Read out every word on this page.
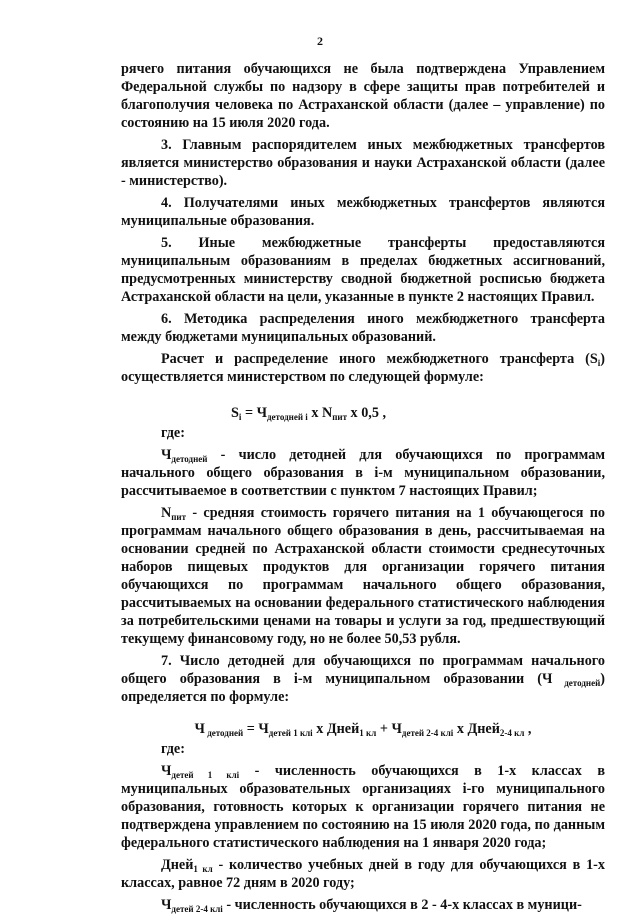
2

рячего питания обучающихся не была подтверждена Управлением Федеральной службы по надзору в сфере защиты прав потребителей и благополучия человека по Астраханской области (далее – управление) по состоянию на 15 июля 2020 года.

3. Главным распорядителем иных межбюджетных трансфертов является министерство образования и науки Астраханской области (далее - министерство).

4. Получателями иных межбюджетных трансфертов являются муниципальные образования.

5. Иные межбюджетные трансферты предоставляются муниципальным образованиям в пределах бюджетных ассигнований, предусмотренных министерству сводной бюджетной росписью бюджета Астраханской области на цели, указанные в пункте 2 настоящих Правил.

6. Методика распределения иного межбюджетного трансферта между бюджетами муниципальных образований.

Расчет и распределение иного межбюджетного трансферта $(S_i)$ осуществляется министерством по следующей формуле:

$S_i = Ч_{детодней i}$ x $N_{пит}$ x 0,5 ,

где:

$Ч_{детодней}$ - число детодней для обучающихся по программам начального общего образования в i-м муниципальном образовании, рассчитываемое в соответствии с пунктом 7 настоящих Правил;

$N_{пит}$ - средняя стоимость горячего питания на 1 обучающегося по программам начального общего образования в день, рассчитываемая на основании средней по Астраханской области стоимости среднесуточных наборов пищевых продуктов для организации горячего питания обучающихся по программам начального общего образования, рассчитываемых на основании федерального статистического наблюдения за потребительскими ценами на товары и услуги за год, предшествующий текущему финансовому году, но не более 50,53 рубля.

7. Число детодней для обучающихся по программам начального общего образования в i-м муниципальном образовании (Ч $_{детодней}$) определяется по формуле:

Ч $_{детодней} = Ч_{детей 1 клi}$ x Дней$_{1 кл}$ + $Ч_{детей 2-4 клi}$ x Дней$_{2-4 кл}$ ,

где:

$Ч_{детей 1 клi}$ - численность обучающихся в 1-х классах в муниципальных образовательных организациях i-го муниципального образования, готовность которых к организации горячего питания не подтверждена управлением по состоянию на 15 июля 2020 года, по данным федерального статистического наблюдения на 1 января 2020 года;

Дней$_{1 кл}$ - количество учебных дней в году для обучающихся в 1-х классах, равное 72 дням в 2020 году;

$Ч_{детей 2-4 клi}$ - численность обучающихся в 2 - 4-х классах в муници-
